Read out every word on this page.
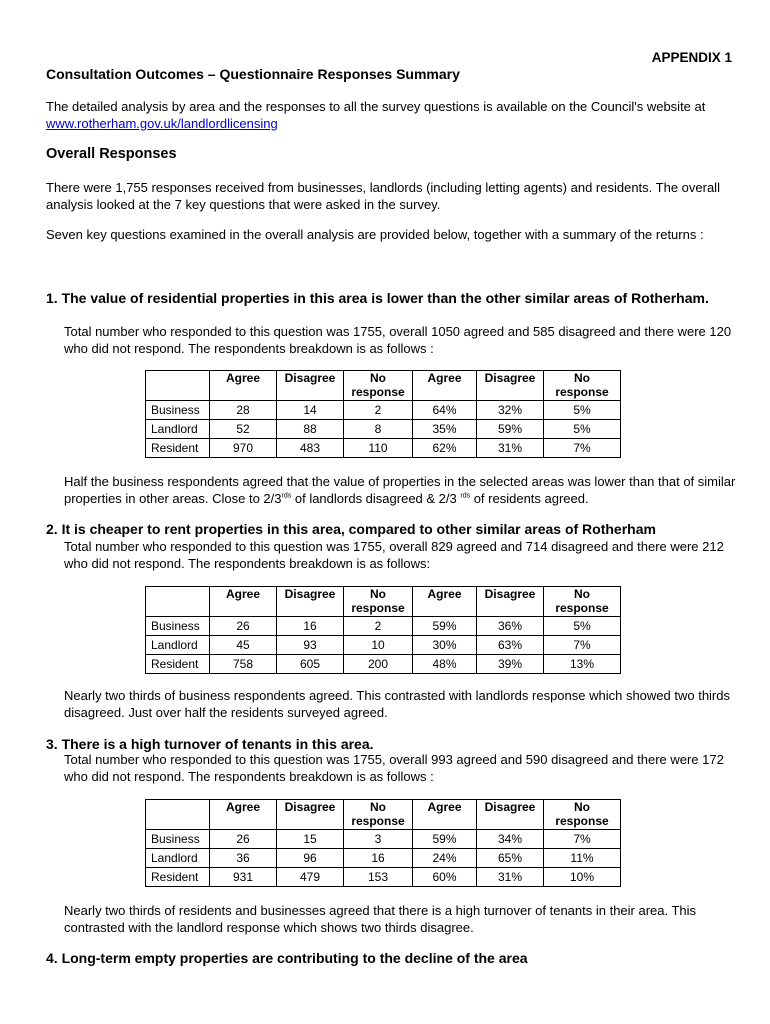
APPENDIX 1
Consultation Outcomes – Questionnaire Responses Summary

The detailed analysis by area and the responses to all the survey questions is available on the Council's website at www.rotherham.gov.uk/landlordlicensing

Overall Responses

There were 1,755 responses received from businesses, landlords (including letting agents) and residents. The overall analysis looked at the 7 key questions that were asked in the survey.

Seven key questions examined in the overall analysis are provided below, together with a summary of the returns :

1. The value of residential properties in this area is lower than the other similar areas of Rotherham.

Total number who responded to this question was 1755, overall 1050 agreed and 585 disagreed and there were 120 who did not respond. The respondents breakdown is as follows :

	Agree	Disagree	No response	Agree	Disagree	No response
Business	28	14	2	64%	32%	5%
Landlord	52	88	8	35%	59%	5%
Resident	970	483	110	62%	31%	7%

Half the business respondents agreed that the value of properties in the selected areas was lower than that of similar properties in other areas. Close to $2/3^{rds}$ of landlords disagreed & 2/3 $^{rds}$ of residents agreed.

2. It is cheaper to rent properties in this area, compared to other similar areas of Rotherham

Total number who responded to this question was 1755, overall 829 agreed and 714 disagreed and there were 212 who did not respond. The respondents breakdown is as follows:

	Agree	Disagree	No response	Agree	Disagree	No response
Business	26	16	2	59%	36%	5%
Landlord	45	93	10	30%	63%	7%
Resident	758	605	200	48%	39%	13%

Nearly two thirds of business respondents agreed. This contrasted with landlords response which showed two thirds disagreed. Just over half the residents surveyed agreed.

3. There is a high turnover of tenants in this area.

Total number who responded to this question was 1755, overall 993 agreed and 590 disagreed and there were 172 who did not respond. The respondents breakdown is as follows :

	Agree	Disagree	No response	Agree	Disagree	No response
Business	26	15	3	59%	34%	7%
Landlord	36	96	16	24%	65%	11%
Resident	931	479	153	60%	31%	10%

Nearly two thirds of residents and businesses agreed that there is a high turnover of tenants in their area. This contrasted with the landlord response which shows two thirds disagree.

4. Long-term empty properties are contributing to the decline of the area
